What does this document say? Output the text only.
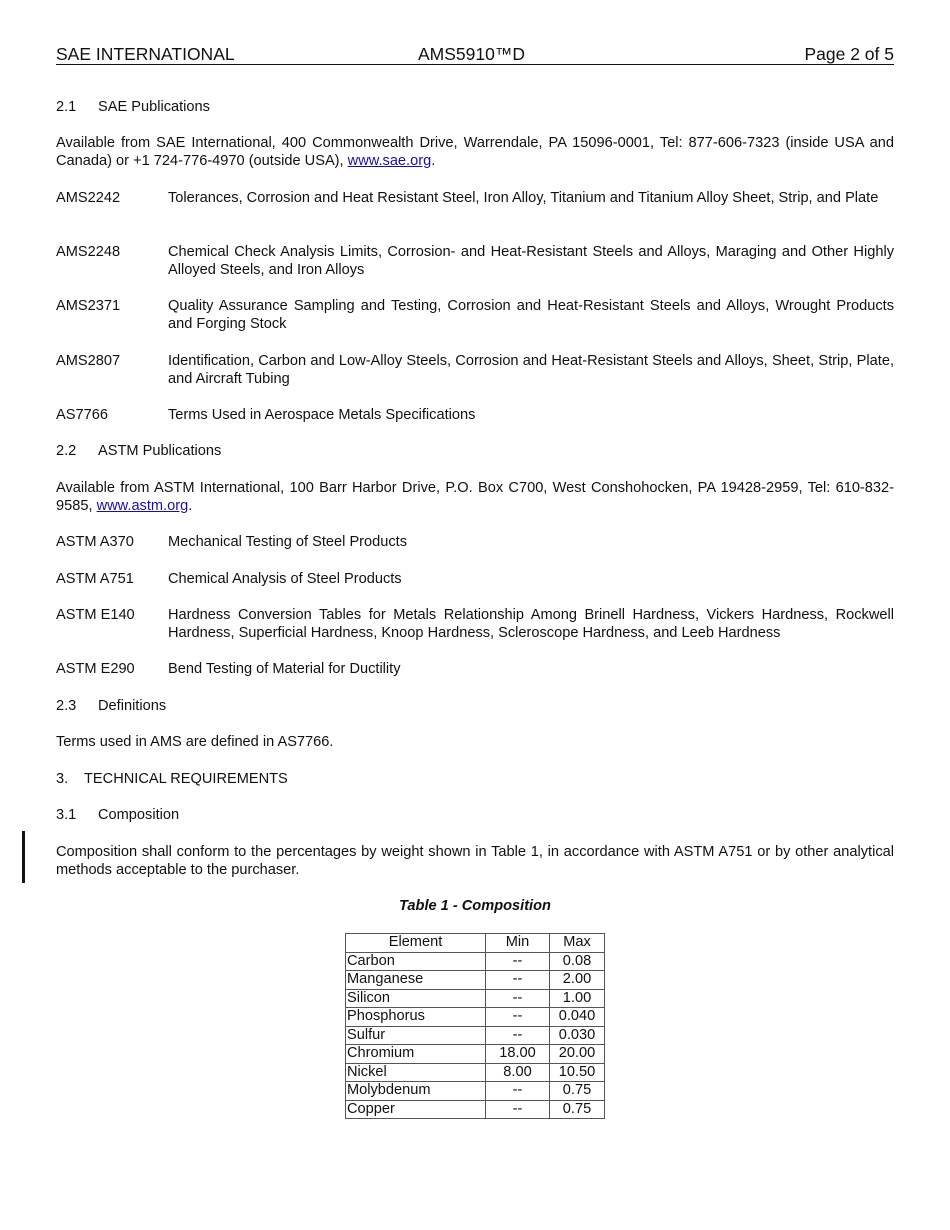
SAE INTERNATIONAL	AMS5910™D	Page 2 of 5
2.1 SAE Publications
Available from SAE International, 400 Commonwealth Drive, Warrendale, PA 15096-0001, Tel: 877-606-7323 (inside USA and Canada) or +1 724-776-4970 (outside USA), www.sae.org.
AMS2242	Tolerances, Corrosion and Heat Resistant Steel, Iron Alloy, Titanium and Titanium Alloy Sheet, Strip, and Plate
AMS2248	Chemical Check Analysis Limits, Corrosion- and Heat-Resistant Steels and Alloys, Maraging and Other Highly Alloyed Steels, and Iron Alloys
AMS2371	Quality Assurance Sampling and Testing, Corrosion and Heat-Resistant Steels and Alloys, Wrought Products and Forging Stock
AMS2807	Identification, Carbon and Low-Alloy Steels, Corrosion and Heat-Resistant Steels and Alloys, Sheet, Strip, Plate, and Aircraft Tubing
AS7766	Terms Used in Aerospace Metals Specifications
2.2 ASTM Publications
Available from ASTM International, 100 Barr Harbor Drive, P.O. Box C700, West Conshohocken, PA 19428-2959, Tel: 610-832-9585, www.astm.org.
ASTM A370	Mechanical Testing of Steel Products
ASTM A751	Chemical Analysis of Steel Products
ASTM E140	Hardness Conversion Tables for Metals Relationship Among Brinell Hardness, Vickers Hardness, Rockwell Hardness, Superficial Hardness, Knoop Hardness, Scleroscope Hardness, and Leeb Hardness
ASTM E290	Bend Testing of Material for Ductility
2.3 Definitions
Terms used in AMS are defined in AS7766.
3. TECHNICAL REQUIREMENTS
3.1 Composition
Composition shall conform to the percentages by weight shown in Table 1, in accordance with ASTM A751 or by other analytical methods acceptable to the purchaser.
Table 1 - Composition
Element	Min	Max
Carbon	--	0.08
Manganese	--	2.00
Silicon	--	1.00
Phosphorus	--	0.040
Sulfur	--	0.030
Chromium	18.00	20.00
Nickel	8.00	10.50
Molybdenum	--	0.75
Copper	--	0.75
